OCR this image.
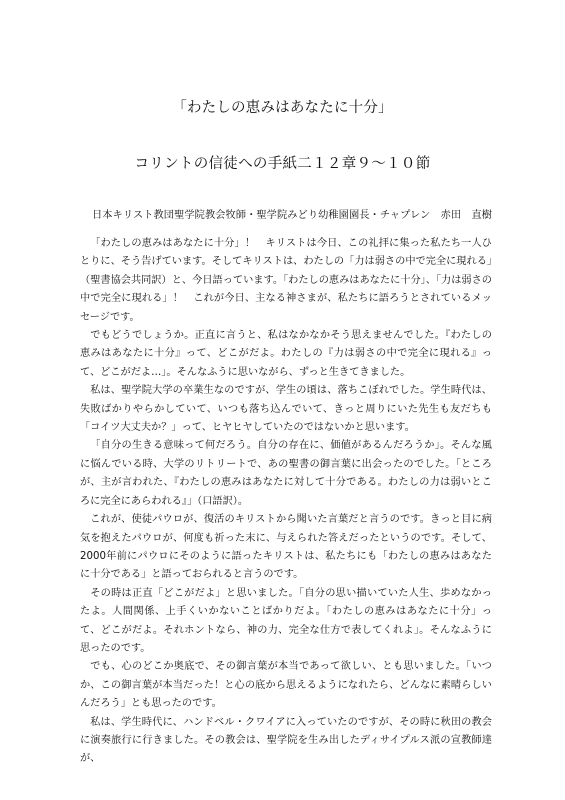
「わたしの恵みはあなたに十分」
コリントの信徒への手紙二１２章９～１０節
日本キリスト教団聖学院教会牧師・聖学院みどり幼稚園園長・チャプレン　赤田　直樹

「わたしの恵みはあなたに十分」！　キリストは今日、この礼拝に集った私たち一人ひとりに、そう告げています。そしてキリストは、わたしの「力は弱さの中で完全に現れる」（聖書協会共同訳）と、今日語っています。「わたしの恵みはあなたに十分」、「力は弱さの中で完全に現れる」！　これが今日、主なる神さまが、私たちに語ろうとされているメッセージです。

でもどうでしょうか。正直に言うと、私はなかなかそう思えませんでした。『わたしの恵みはあなたに十分』って、どこがだよ。わたしの『力は弱さの中で完全に現れる』って、どこがだよ…」。そんなふうに思いながら、ずっと生きてきました。

私は、聖学院大学の卒業生なのですが、学生の頃は、落ちこぼれでした。学生時代は、失敗ばかりやらかしていて、いつも落ち込んでいて、きっと周りにいた先生も友だちも「コイツ大丈夫か？」って、ヒヤヒヤしていたのではないかと思います。

「自分の生きる意味って何だろう。自分の存在に、価値があるんだろうか」。そんな風に悩んでいる時、大学のリトリートで、あの聖書の御言葉に出会ったのでした。「ところが、主が言われた、『わたしの恵みはあなたに対して十分である。わたしの力は弱いところに完全にあらわれる』」（口語訳）。

これが、使徒パウロが、復活のキリストから聞いた言葉だと言うのです。きっと目に病気を抱えたパウロが、何度も祈った末に、与えられた答えだったというのです。そして、2000年前にパウロにそのように語ったキリストは、私たちにも「わたしの恵みはあなたに十分である」と語っておられると言うのです。

その時は正直「どこがだよ」と思いました。「自分の思い描いていた人生、歩めなかったよ。人間関係、上手くいかないことばかりだよ。「わたしの恵みはあなたに十分」って、どこがだよ。それホントなら、神の力、完全な仕方で表してくれよ」。そんなふうに思ったのです。

でも、心のどこか奥底で、その御言葉が本当であって欲しい、とも思いました。「いつか、この御言葉が本当だった！と心の底から思えるようになれたら、どんなに素晴らしいんだろう」とも思ったのです。

私は、学生時代に、ハンドベル・クワイアに入っていたのですが、その時に秋田の教会に演奏旅行に行きました。その教会は、聖学院を生み出したディサイプルス派の宣教師達が、
